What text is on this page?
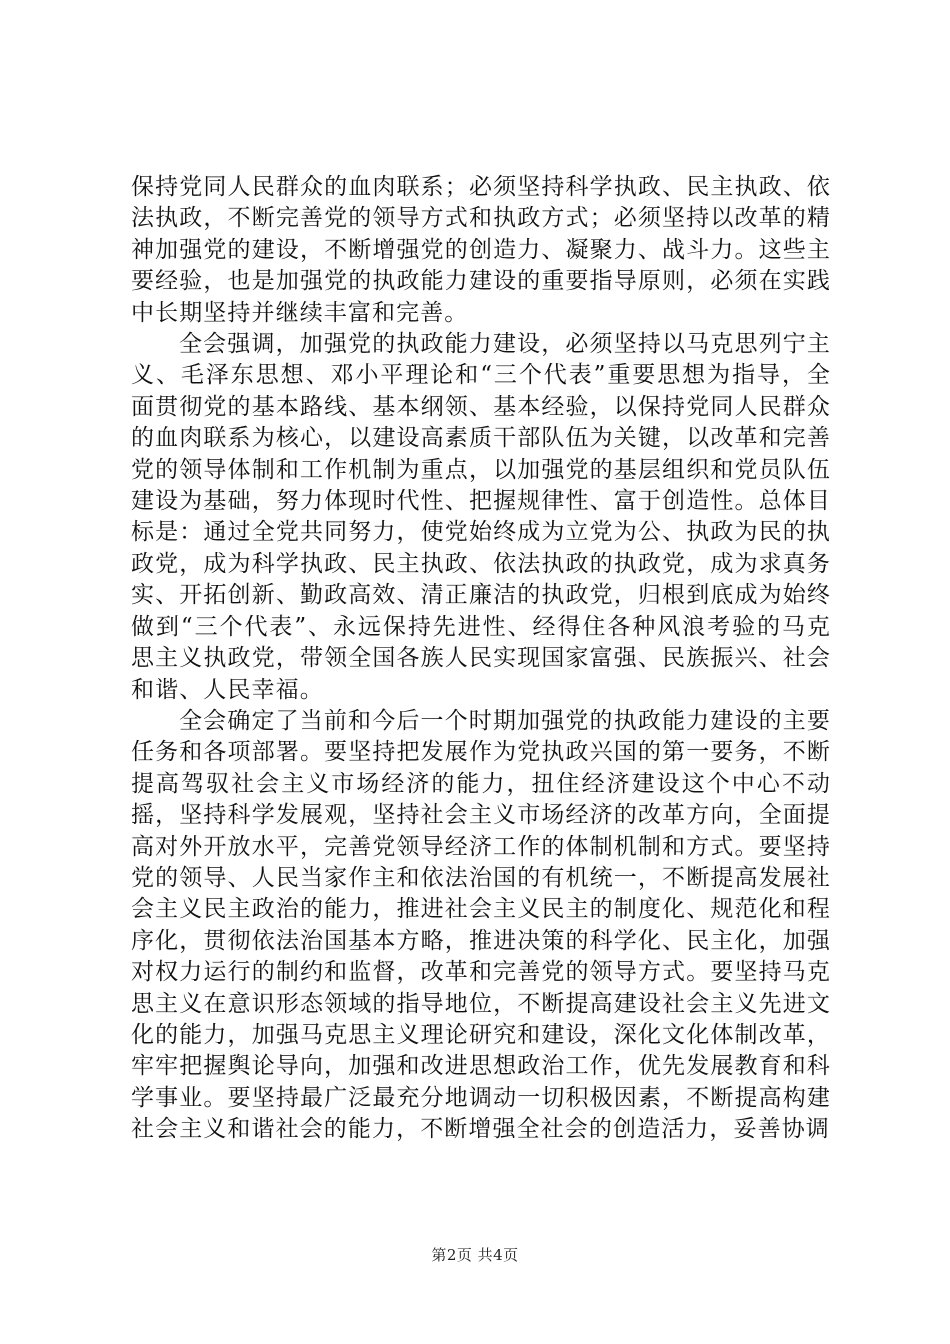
保持党同人民群众的血肉联系；必须坚持科学执政、民主执政、依法执政，不断完善党的领导方式和执政方式；必须坚持以改革的精神加强党的建设，不断增强党的创造力、凝聚力、战斗力。这些主要经验，也是加强党的执政能力建设的重要指导原则，必须在实践中长期坚持并继续丰富和完善。

全会强调，加强党的执政能力建设，必须坚持以马克思列宁主义、毛泽东思想、邓小平理论和“三个代表”重要思想为指导，全面贯彻党的基本路线、基本纲领、基本经验，以保持党同人民群众的血肉联系为核心，以建设高素质干部队伍为关键，以改革和完善党的领导体制和工作机制为重点，以加强党的基层组织和党员队伍建设为基础，努力体现时代性、把握规律性、富于创造性。总体目标是：通过全党共同努力，使党始终成为立党为公、执政为民的执政党，成为科学执政、民主执政、依法执政的执政党，成为求真务实、开拓创新、勤政高效、清正廉洁的执政党，归根到底成为始终做到“三个代表”、永远保持先进性、经得住各种风浪考验的马克思主义执政党，带领全国各族人民实现国家富强、民族振兴、社会和谐、人民幸福。

全会确定了当前和今后一个时期加强党的执政能力建设的主要任务和各项部署。要坚持把发展作为党执政兴国的第一要务，不断提高驾驭社会主义市场经济的能力，扭住经济建设这个中心不动摇，坚持科学发展观，坚持社会主义市场经济的改革方向，全面提高对外开放水平，完善党领导经济工作的体制机制和方式。要坚持党的领导、人民当家作主和依法治国的有机统一，不断提高发展社会主义民主政治的能力，推进社会主义民主的制度化、规范化和程序化，贯彻依法治国基本方略，推进决策的科学化、民主化，加强对权力运行的制约和监督，改革和完善党的领导方式。要坚持马克思主义在意识形态领域的指导地位，不断提高建设社会主义先进文化的能力，加强马克思主义理论研究和建设，深化文化体制改革，牢牢把握舆论导向，加强和改进思想政治工作，优先发展教育和科学事业。要坚持最广泛最充分地调动一切积极因素，不断提高构建社会主义和谐社会的能力，不断增强全社会的创造活力，妥善协调

第2页 共4页
